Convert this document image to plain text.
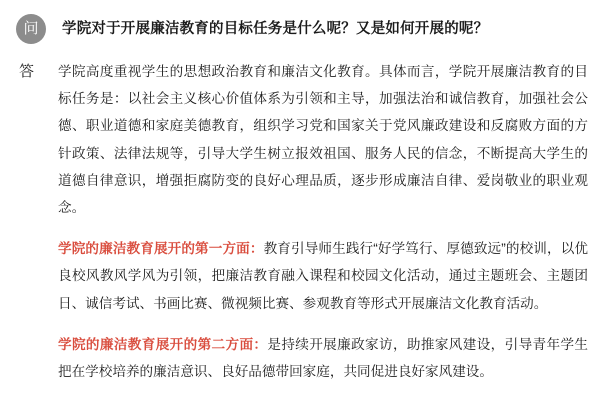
问	学院对于开展廉洁教育的目标任务是什么呢？又是如何开展的呢？
答	学院高度重视学生的思想政治教育和廉洁文化教育。具体而言，学院开展廉洁教育的目标任务是：以社会主义核心价值体系为引领和主导，加强法治和诚信教育，加强社会公德、职业道德和家庭美德教育，组织学习党和国家关于党风廉政建设和反腐败方面的方针政策、法律法规等，引导大学生树立报效祖国、服务人民的信念，不断提高大学生的道德自律意识，增强拒腐防变的良好心理品质，逐步形成廉洁自律、爱岗敬业的职业观念。

学院的廉洁教育展开的第一方面：教育引导师生践行“好学笃行、厚德致远”的校训，以优良校风教风学风为引领，把廉洁教育融入课程和校园文化活动，通过主题班会、主题团日、诚信考试、书画比赛、微视频比赛、参观教育等形式开展廉洁文化教育活动。

学院的廉洁教育展开的第二方面：是持续开展廉政家访，助推家风建设，引导青年学生把在学校培养的廉洁意识、良好品德带回家庭，共同促进良好家风建设。
